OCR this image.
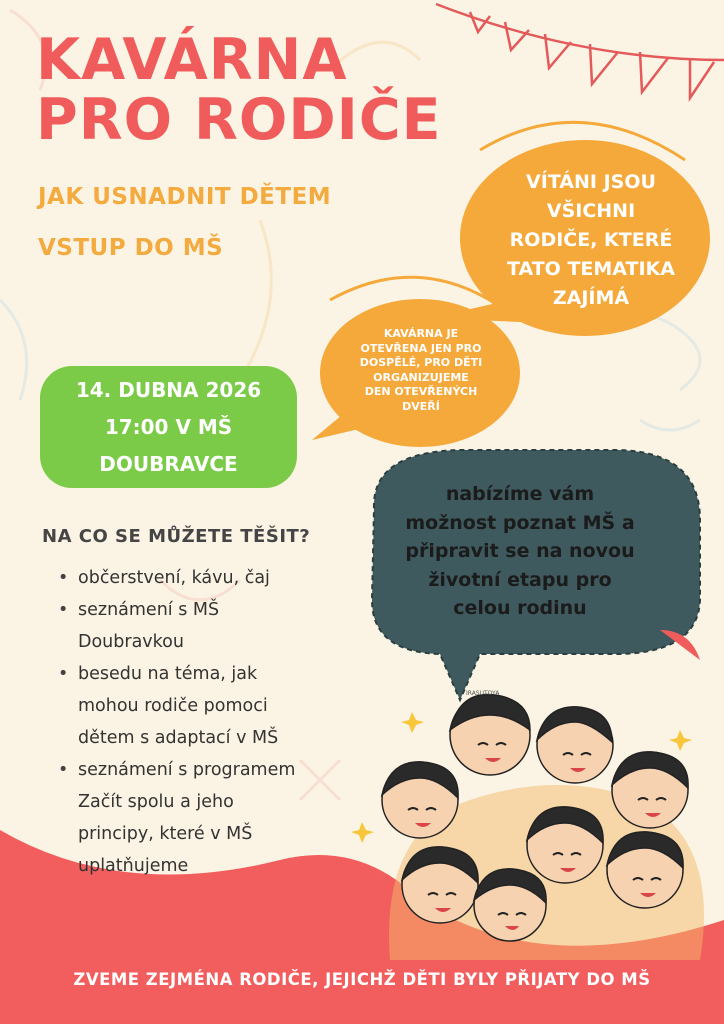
KAVÁRNA
PRO RODIČE
JAK USNADNIT DĚTEM
VSTUP DO MŠ
VÍTÁNI JSOU
VŠICHNI
RODIČE, KTERÉ
TATO TEMATIKA
ZAJÍMÁ
KAVÁRNA JE
OTEVŘENA JEN PRO
DOSPĚLÉ, PRO DĚTI
ORGANIZUJEME
DEN OTEVŘENÝCH
DVEŘÍ
14. DUBNA 2026
17:00 V MŠ
DOUBRAVCE
nabízíme vám
možnost poznat MŠ a
připravit se na novou
životní etapu pro
celou rodinu
NA CO SE MŮŽETE TĚŠIT?
• občerstvení, kávu, čaj
• seznámení s MŠ
Doubravkou
• besedu na téma, jak
mohou rodiče pomoci
dětem s adaptací v MŠ
• seznámení s programem
Začít spolu a jeho
principy, které v MŠ
uplatňujeme
IRASUTOYA
ZVEME ZEJMÉNA RODIČE, JEJICHŽ DĚTI BYLY PŘIJATY DO MŠ
